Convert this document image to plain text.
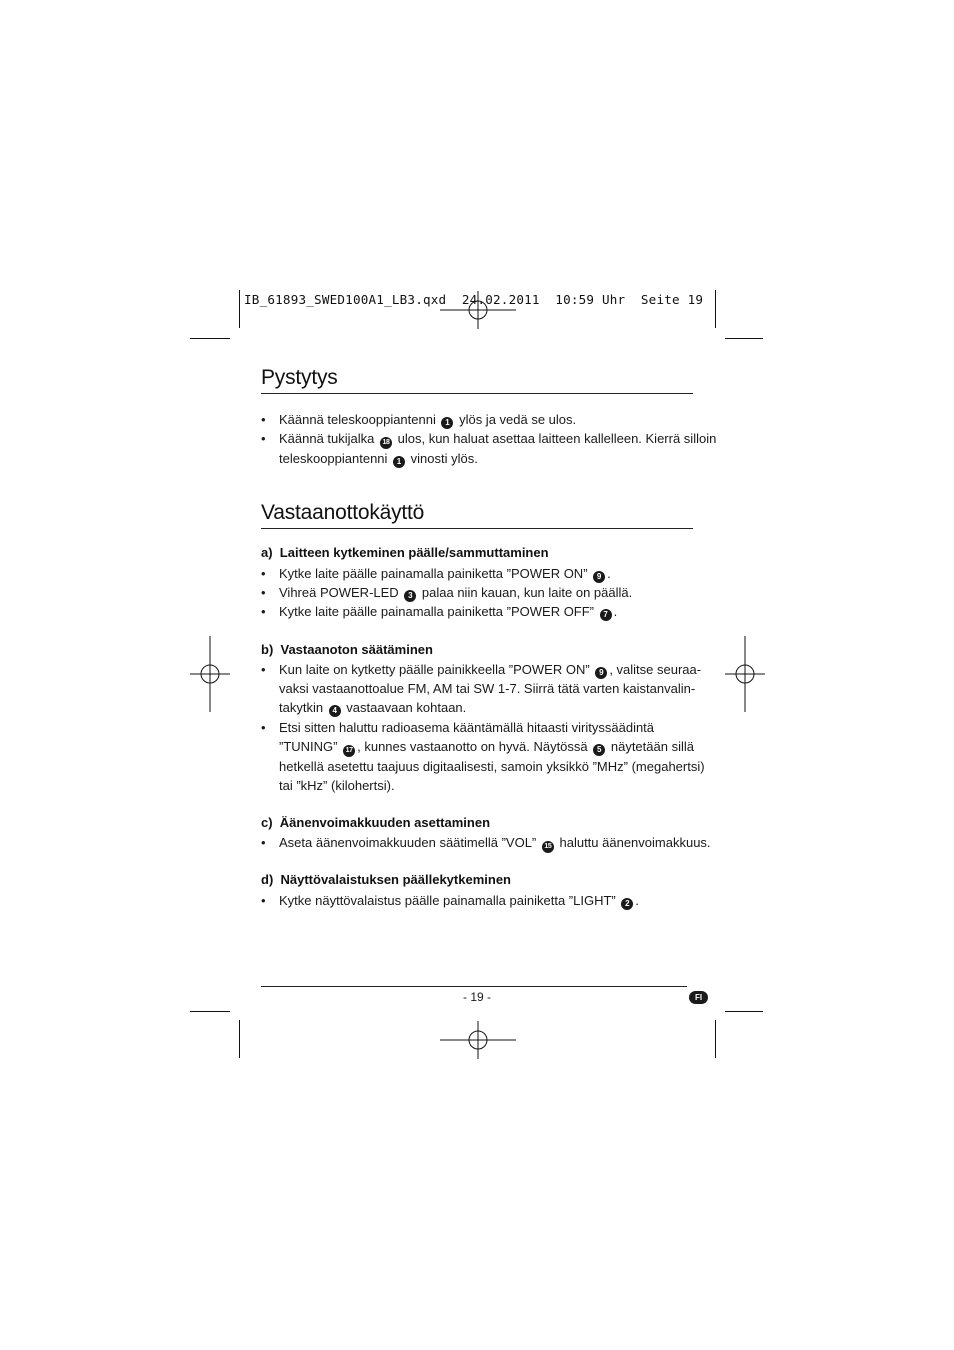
IB_61893_SWED100A1_LB3.qxd  24.02.2011  10:59 Uhr  Seite 19
Pystytys
• Käännä teleskooppiantenni 1 ylös ja vedä se ulos.
• Käännä tukijalka 18 ulos, kun haluat asettaa laitteen kallelleen. Kierrä silloin
teleskooppiantenni 1 vinosti ylös.
Vastaanottokäyttö
a)  Laitteen kytkeminen päälle/sammuttaminen
• Kytke laite päälle painamalla painiketta ”POWER ON” 9 .
• Vihreä POWER-LED 3 palaa niin kauan, kun laite on päällä.
• Kytke laite päälle painamalla painiketta ”POWER OFF” 7 .
b)  Vastaanoton säätäminen
• Kun laite on kytketty päälle painikkeella ”POWER ON” 9 , valitse seuraa-
vaksi vastaanottoalue FM, AM tai SW 1-7. Siirrä tätä varten kaistanvalin-
takytkin 4 vastaavaan kohtaan.
• Etsi sitten haluttu radioasema kääntämällä hitaasti virityssäädintä
”TUNING” 17 , kunnes vastaanotto on hyvä. Näytössä 5 näytetään sillä
hetkellä asetettu taajuus digitaalisesti, samoin yksikkö ”MHz” (megahertsi)
tai ”kHz” (kilohertsi).
c)  Äänenvoimakkuuden asettaminen
• Aseta äänenvoimakkuuden säätimellä ”VOL” 15 haluttu äänenvoimakkuus.
d)  Näyttövalaistuksen päällekytkeminen
• Kytke näyttövalaistus päälle painamalla painiketta ”LIGHT” 2 .
- 19 -	FI
